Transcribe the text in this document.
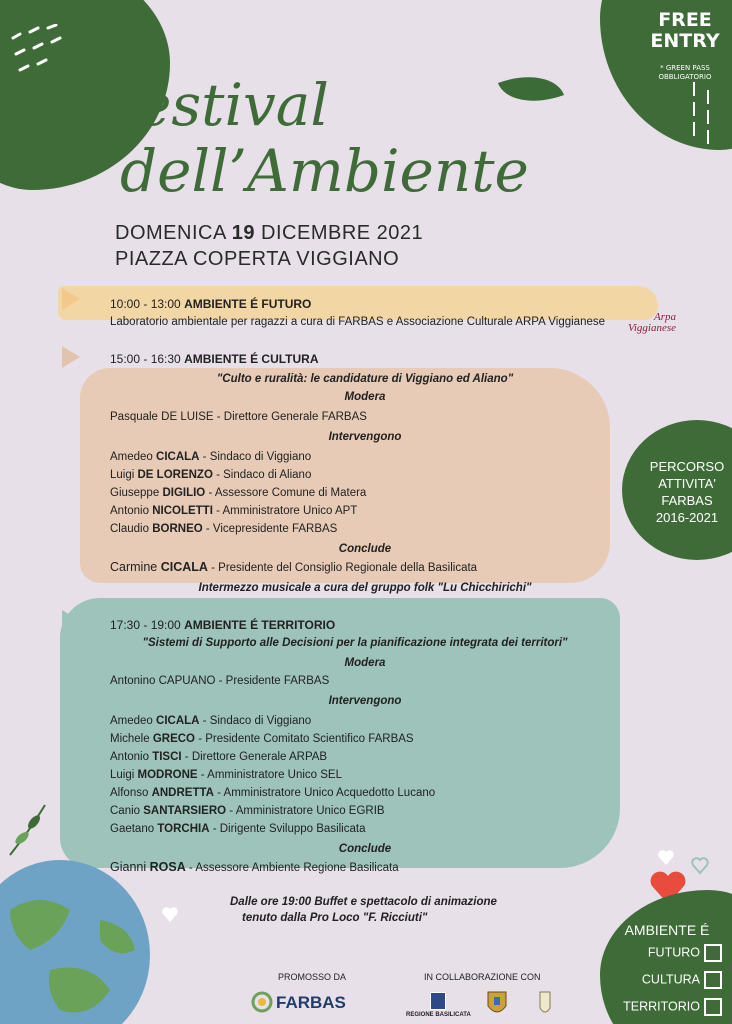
FREE
ENTRY
* GREEN PASS
OBBLIGATORIO
Festival
dell’Ambiente
DOMENICA 19 DICEMBRE 2021
PIAZZA COPERTA VIGGIANO
10:00 - 13:00 AMBIENTE É FUTURO
Laboratorio ambientale per ragazzi a cura di FARBAS e Associazione Culturale ARPA Viggianese	Arpa
Viggianese
15:00 - 16:30 AMBIENTE É CULTURA
"Culto e ruralità: le candidature di Viggiano ed Aliano"
Modera
Pasquale DE LUISE - Direttore Generale FARBAS
Intervengono
Amedeo CICALA - Sindaco di Viggiano
Luigi DE LORENZO - Sindaco di Aliano
Giuseppe DIGILIO - Assessore Comune di Matera
Antonio NICOLETTI - Amministratore Unico APT
Claudio BORNEO - Vicepresidente FARBAS
Conclude
Carmine CICALA - Presidente del Consiglio Regionale della Basilicata
Intermezzo musicale a cura del gruppo folk "Lu Chicchirichi"
17:30 - 19:00 AMBIENTE É TERRITORIO
"Sistemi di Supporto alle Decisioni per la pianificazione integrata dei territori"
Modera
Antonino CAPUANO - Presidente FARBAS
Intervengono
Amedeo CICALA - Sindaco di Viggiano
Michele GRECO - Presidente Comitato Scientifico FARBAS
Antonio TISCI - Direttore Generale ARPAB
Luigi MODRONE - Amministratore Unico SEL
Alfonso ANDRETTA - Amministratore Unico Acquedotto Lucano
Canio SANTARSIERO - Amministratore Unico EGRIB
Gaetano TORCHIA - Dirigente Sviluppo Basilicata
Conclude
Gianni ROSA - Assessore Ambiente Regione Basilicata
Dalle ore 19:00 Buffet e spettacolo di animazione
tenuto dalla Pro Loco "F. Ricciuti"
PERCORSO
ATTIVITA'
FARBAS
2016-2021
AMBIENTE É
FUTURO
CULTURA
TERRITORIO
PROMOSSO DA	IN COLLABORAZIONE CON
FARBAS
REGIONE BASILICATA
